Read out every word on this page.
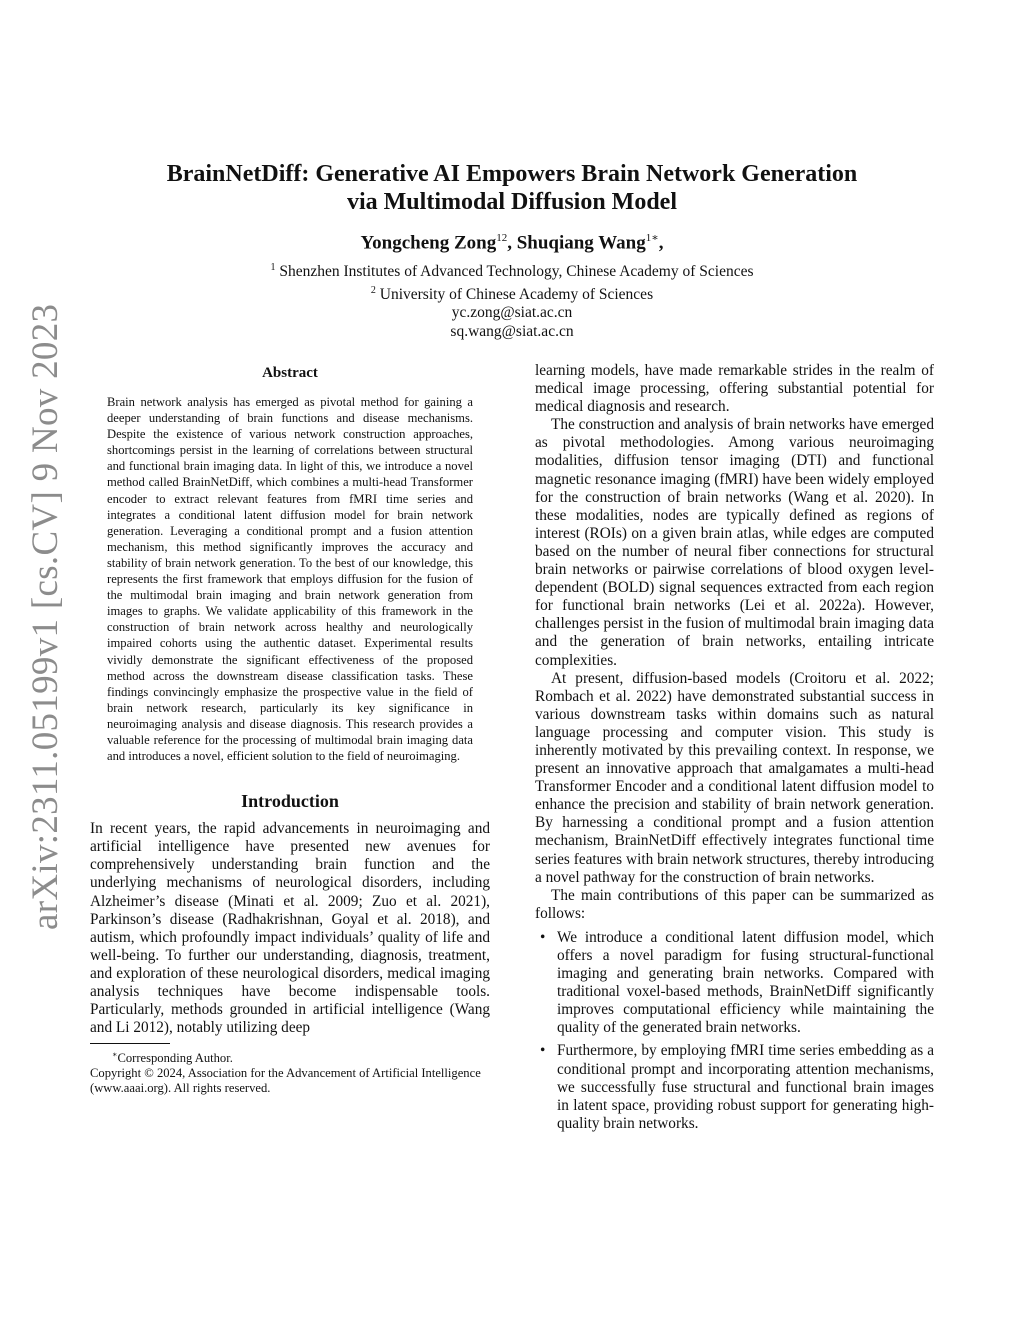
arXiv:2311.05199v1 [cs.CV] 9 Nov 2023
BrainNetDiff: Generative AI Empowers Brain Network Generation
via Multimodal Diffusion Model
Yongcheng Zong$^{12}$, Shuqiang Wang$^{1∗}$,
$^1$ Shenzhen Institutes of Advanced Technology, Chinese Academy of Sciences
$^2$ University of Chinese Academy of Sciences
yc.zong@siat.ac.cn
sq.wang@siat.ac.cn
Abstract

Brain network analysis has emerged as pivotal method for gaining a deeper understanding of brain functions and disease mechanisms. Despite the existence of various network construction approaches, shortcomings persist in the learning of correlations between structural and functional brain imaging data. In light of this, we introduce a novel method called BrainNetDiff, which combines a multi-head Transformer encoder to extract relevant features from fMRI time series and integrates a conditional latent diffusion model for brain network generation. Leveraging a conditional prompt and a fusion attention mechanism, this method significantly improves the accuracy and stability of brain network generation. To the best of our knowledge, this represents the first framework that employs diffusion for the fusion of the multimodal brain imaging and brain network generation from images to graphs. We validate applicability of this framework in the construction of brain network across healthy and neurologically impaired cohorts using the authentic dataset. Experimental results vividly demonstrate the significant effectiveness of the proposed method across the downstream disease classification tasks. These findings convincingly emphasize the prospective value in the field of brain network research, particularly its key significance in neuroimaging analysis and disease diagnosis. This research provides a valuable reference for the processing of multimodal brain imaging data and introduces a novel, efficient solution to the field of neuroimaging.

Introduction

In recent years, the rapid advancements in neuroimaging and artificial intelligence have presented new avenues for comprehensively understanding brain function and the underlying mechanisms of neurological disorders, including Alzheimer’s disease (Minati et al. 2009; Zuo et al. 2021), Parkinson’s disease (Radhakrishnan, Goyal et al. 2018), and autism, which profoundly impact individuals’ quality of life and well-being. To further our understanding, diagnosis, treatment, and exploration of these neurological disorders, medical imaging analysis techniques have become indispensable tools. Particularly, methods grounded in artificial intelligence (Wang and Li 2012), notably utilizing deep

∗Corresponding Author.

Copyright © 2024, Association for the Advancement of Artificial Intelligence (www.aaai.org). All rights reserved.

learning models, have made remarkable strides in the realm of medical image processing, offering substantial potential for medical diagnosis and research.

The construction and analysis of brain networks have emerged as pivotal methodologies. Among various neuroimaging modalities, diffusion tensor imaging (DTI) and functional magnetic resonance imaging (fMRI) have been widely employed for the construction of brain networks (Wang et al. 2020). In these modalities, nodes are typically defined as regions of interest (ROIs) on a given brain atlas, while edges are computed based on the number of neural fiber connections for structural brain networks or pairwise correlations of blood oxygen level-dependent (BOLD) signal sequences extracted from each region for functional brain networks (Lei et al. 2022a). However, challenges persist in the fusion of multimodal brain imaging data and the generation of brain networks, entailing intricate complexities.

At present, diffusion-based models (Croitoru et al. 2022; Rombach et al. 2022) have demonstrated substantial success in various downstream tasks within domains such as natural language processing and computer vision. This study is inherently motivated by this prevailing context. In response, we present an innovative approach that amalgamates a multi-head Transformer Encoder and a conditional latent diffusion model to enhance the precision and stability of brain network generation. By harnessing a conditional prompt and a fusion attention mechanism, BrainNetDiff effectively integrates functional time series features with brain network structures, thereby introducing a novel pathway for the construction of brain networks.

The main contributions of this paper can be summarized as follows:

• We introduce a conditional latent diffusion model, which offers a novel paradigm for fusing structural-functional imaging and generating brain networks. Compared with traditional voxel-based methods, BrainNetDiff significantly improves computational efficiency while maintaining the quality of the generated brain networks.
• Furthermore, by employing fMRI time series embedding as a conditional prompt and incorporating attention mechanisms, we successfully fuse structural and functional brain images in latent space, providing robust support for generating high-quality brain networks.
